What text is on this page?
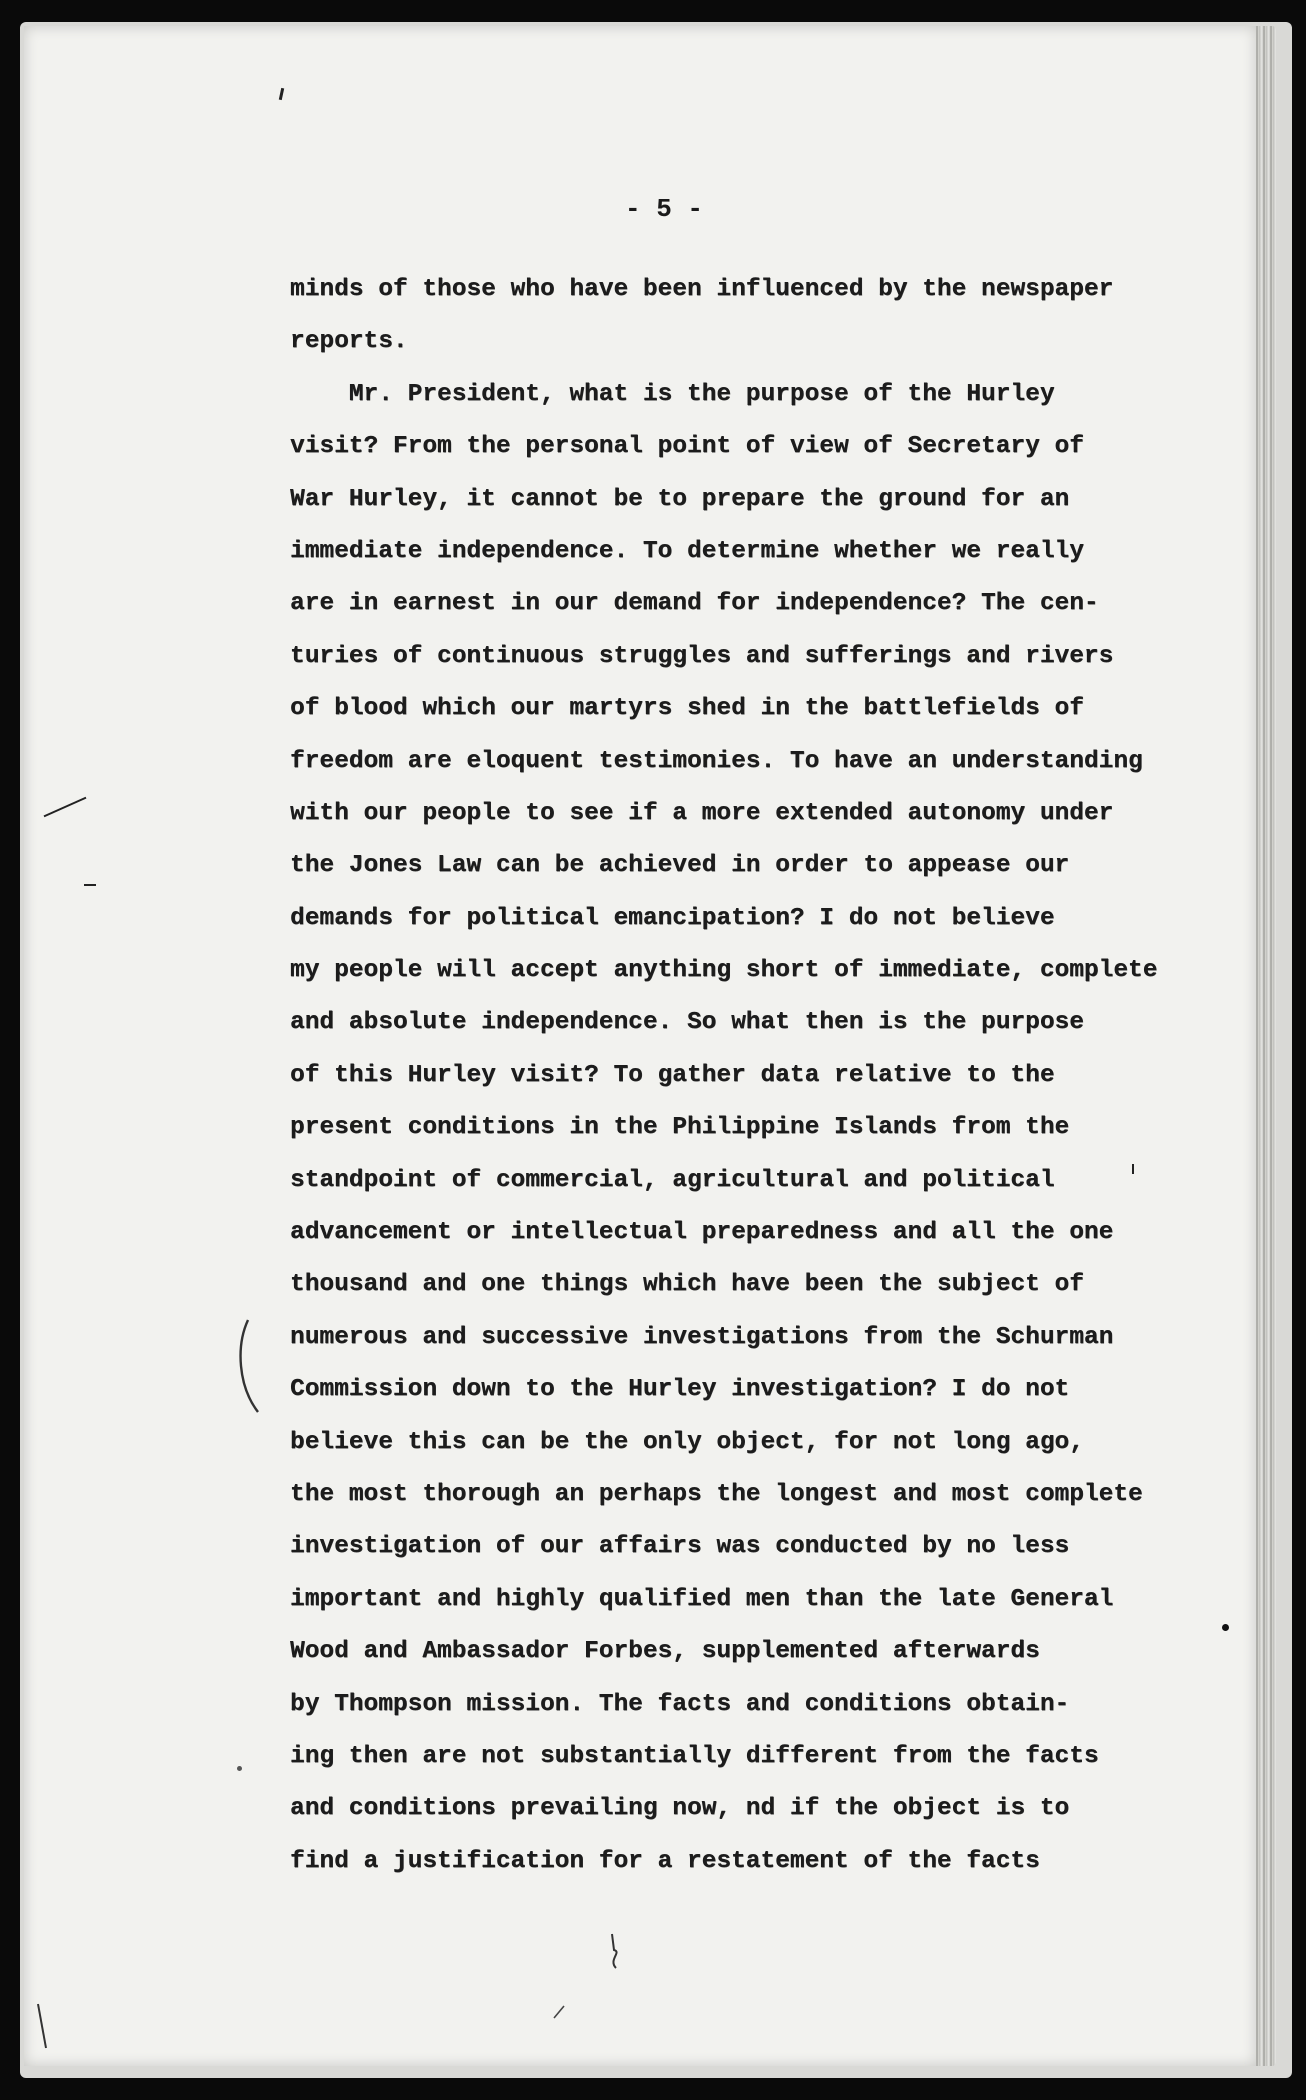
- 5 -
minds of those who have been influenced by the newspaper
reports.
Mr. President, what is the purpose of the Hurley
visit? From the personal point of view of Secretary of
War Hurley, it cannot be to prepare the ground for an
immediate independence. To determine whether we really
are in earnest in our demand for independence? The cen-
turies of continuous struggles and sufferings and rivers
of blood which our martyrs shed in the battlefields of
freedom are eloquent testimonies. To have an understanding
with our people to see if a more extended autonomy under
the Jones Law can be achieved in order to appease our
demands for political emancipation? I do not believe
my people will accept anything short of immediate, complete
and absolute independence. So what then is the purpose
of this Hurley visit? To gather data relative to the
present conditions in the Philippine Islands from the
standpoint of commercial, agricultural and political
advancement or intellectual preparedness and all the one
thousand and one things which have been the subject of
numerous and successive investigations from the Schurman
Commission down to the Hurley investigation? I do not
believe this can be the only object, for not long ago,
the most thorough an perhaps the longest and most complete
investigation of our affairs was conducted by no less
important and highly qualified men than the late General
Wood and Ambassador Forbes, supplemented afterwards
by Thompson mission. The facts and conditions obtain-
ing then are not substantially different from the facts
and conditions prevailing now, nd if the object is to
find a justification for a restatement of the facts
